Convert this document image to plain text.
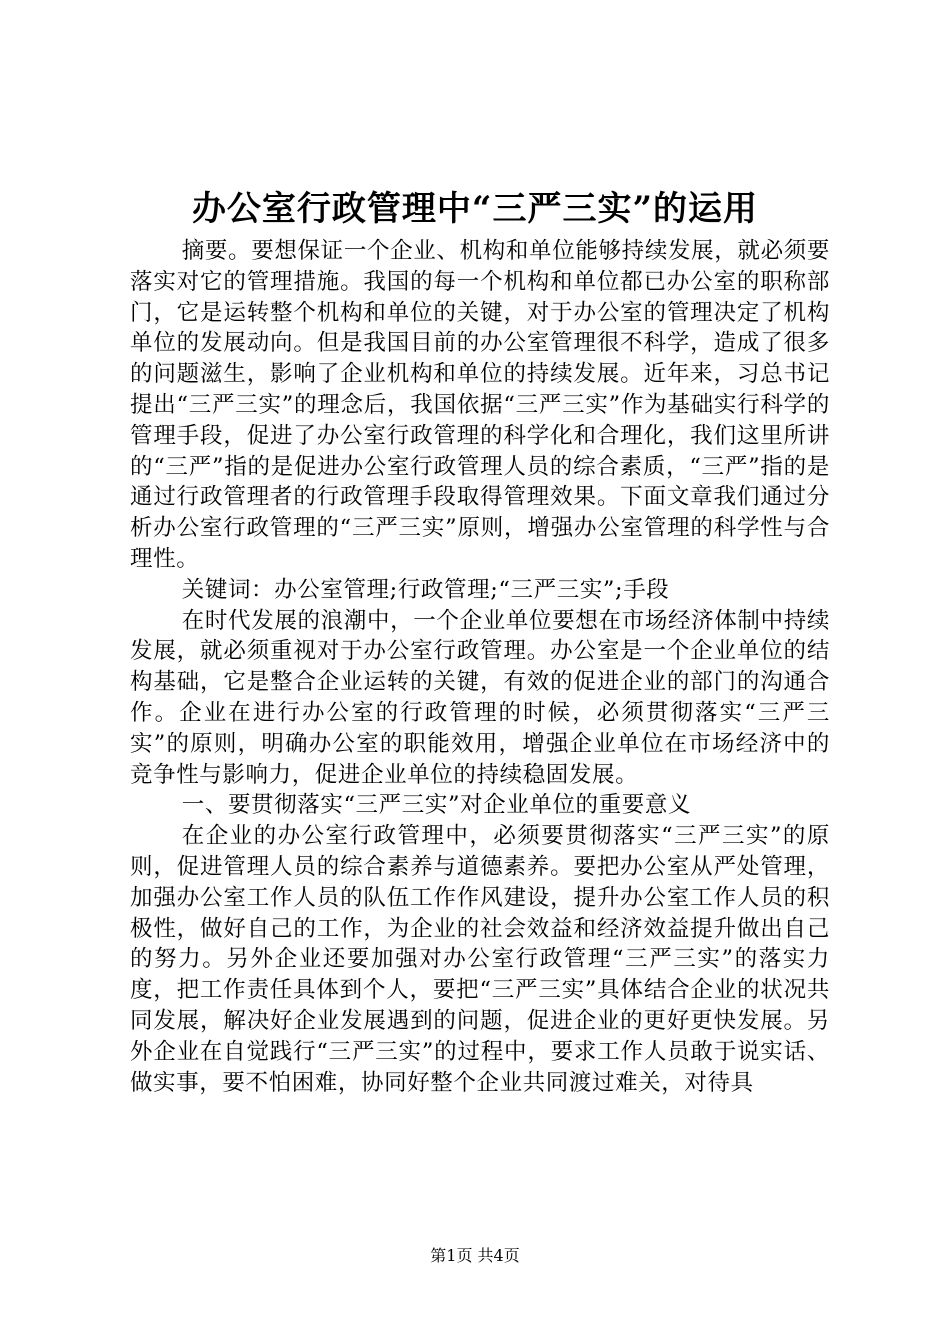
办公室行政管理中“三严三实”的运用

摘要。要想保证一个企业、机构和单位能够持续发展，就必须要落实对它的管理措施。我国的每一个机构和单位都已办公室的职称部门，它是运转整个机构和单位的关键，对于办公室的管理决定了机构单位的发展动向。但是我国目前的办公室管理很不科学，造成了很多的问题滋生，影响了企业机构和单位的持续发展。近年来，习总书记提出“三严三实”的理念后，我国依据“三严三实”作为基础实行科学的管理手段，促进了办公室行政管理的科学化和合理化，我们这里所讲的“三严”指的是促进办公室行政管理人员的综合素质，“三严”指的是通过行政管理者的行政管理手段取得管理效果。下面文章我们通过分析办公室行政管理的“三严三实”原则，增强办公室管理的科学性与合理性。

关键词：办公室管理;行政管理;“三严三实”;手段

在时代发展的浪潮中，一个企业单位要想在市场经济体制中持续发展，就必须重视对于办公室行政管理。办公室是一个企业单位的结构基础，它是整合企业运转的关键，有效的促进企业的部门的沟通合作。企业在进行办公室的行政管理的时候，必须贯彻落实“三严三实”的原则，明确办公室的职能效用，增强企业单位在市场经济中的竞争性与影响力，促进企业单位的持续稳固发展。

一、要贯彻落实“三严三实”对企业单位的重要意义

在企业的办公室行政管理中，必须要贯彻落实“三严三实”的原则，促进管理人员的综合素养与道德素养。要把办公室从严处管理，加强办公室工作人员的队伍工作作风建设，提升办公室工作人员的积极性，做好自己的工作，为企业的社会效益和经济效益提升做出自己的努力。另外企业还要加强对办公室行政管理“三严三实”的落实力度，把工作责任具体到个人，要把“三严三实”具体结合企业的状况共同发展，解决好企业发展遇到的问题，促进企业的更好更快发展。另外企业在自觉践行“三严三实”的过程中，要求工作人员敢于说实话、做实事，要不怕困难，协同好整个企业共同渡过难关，对待具

第1页 共4页
